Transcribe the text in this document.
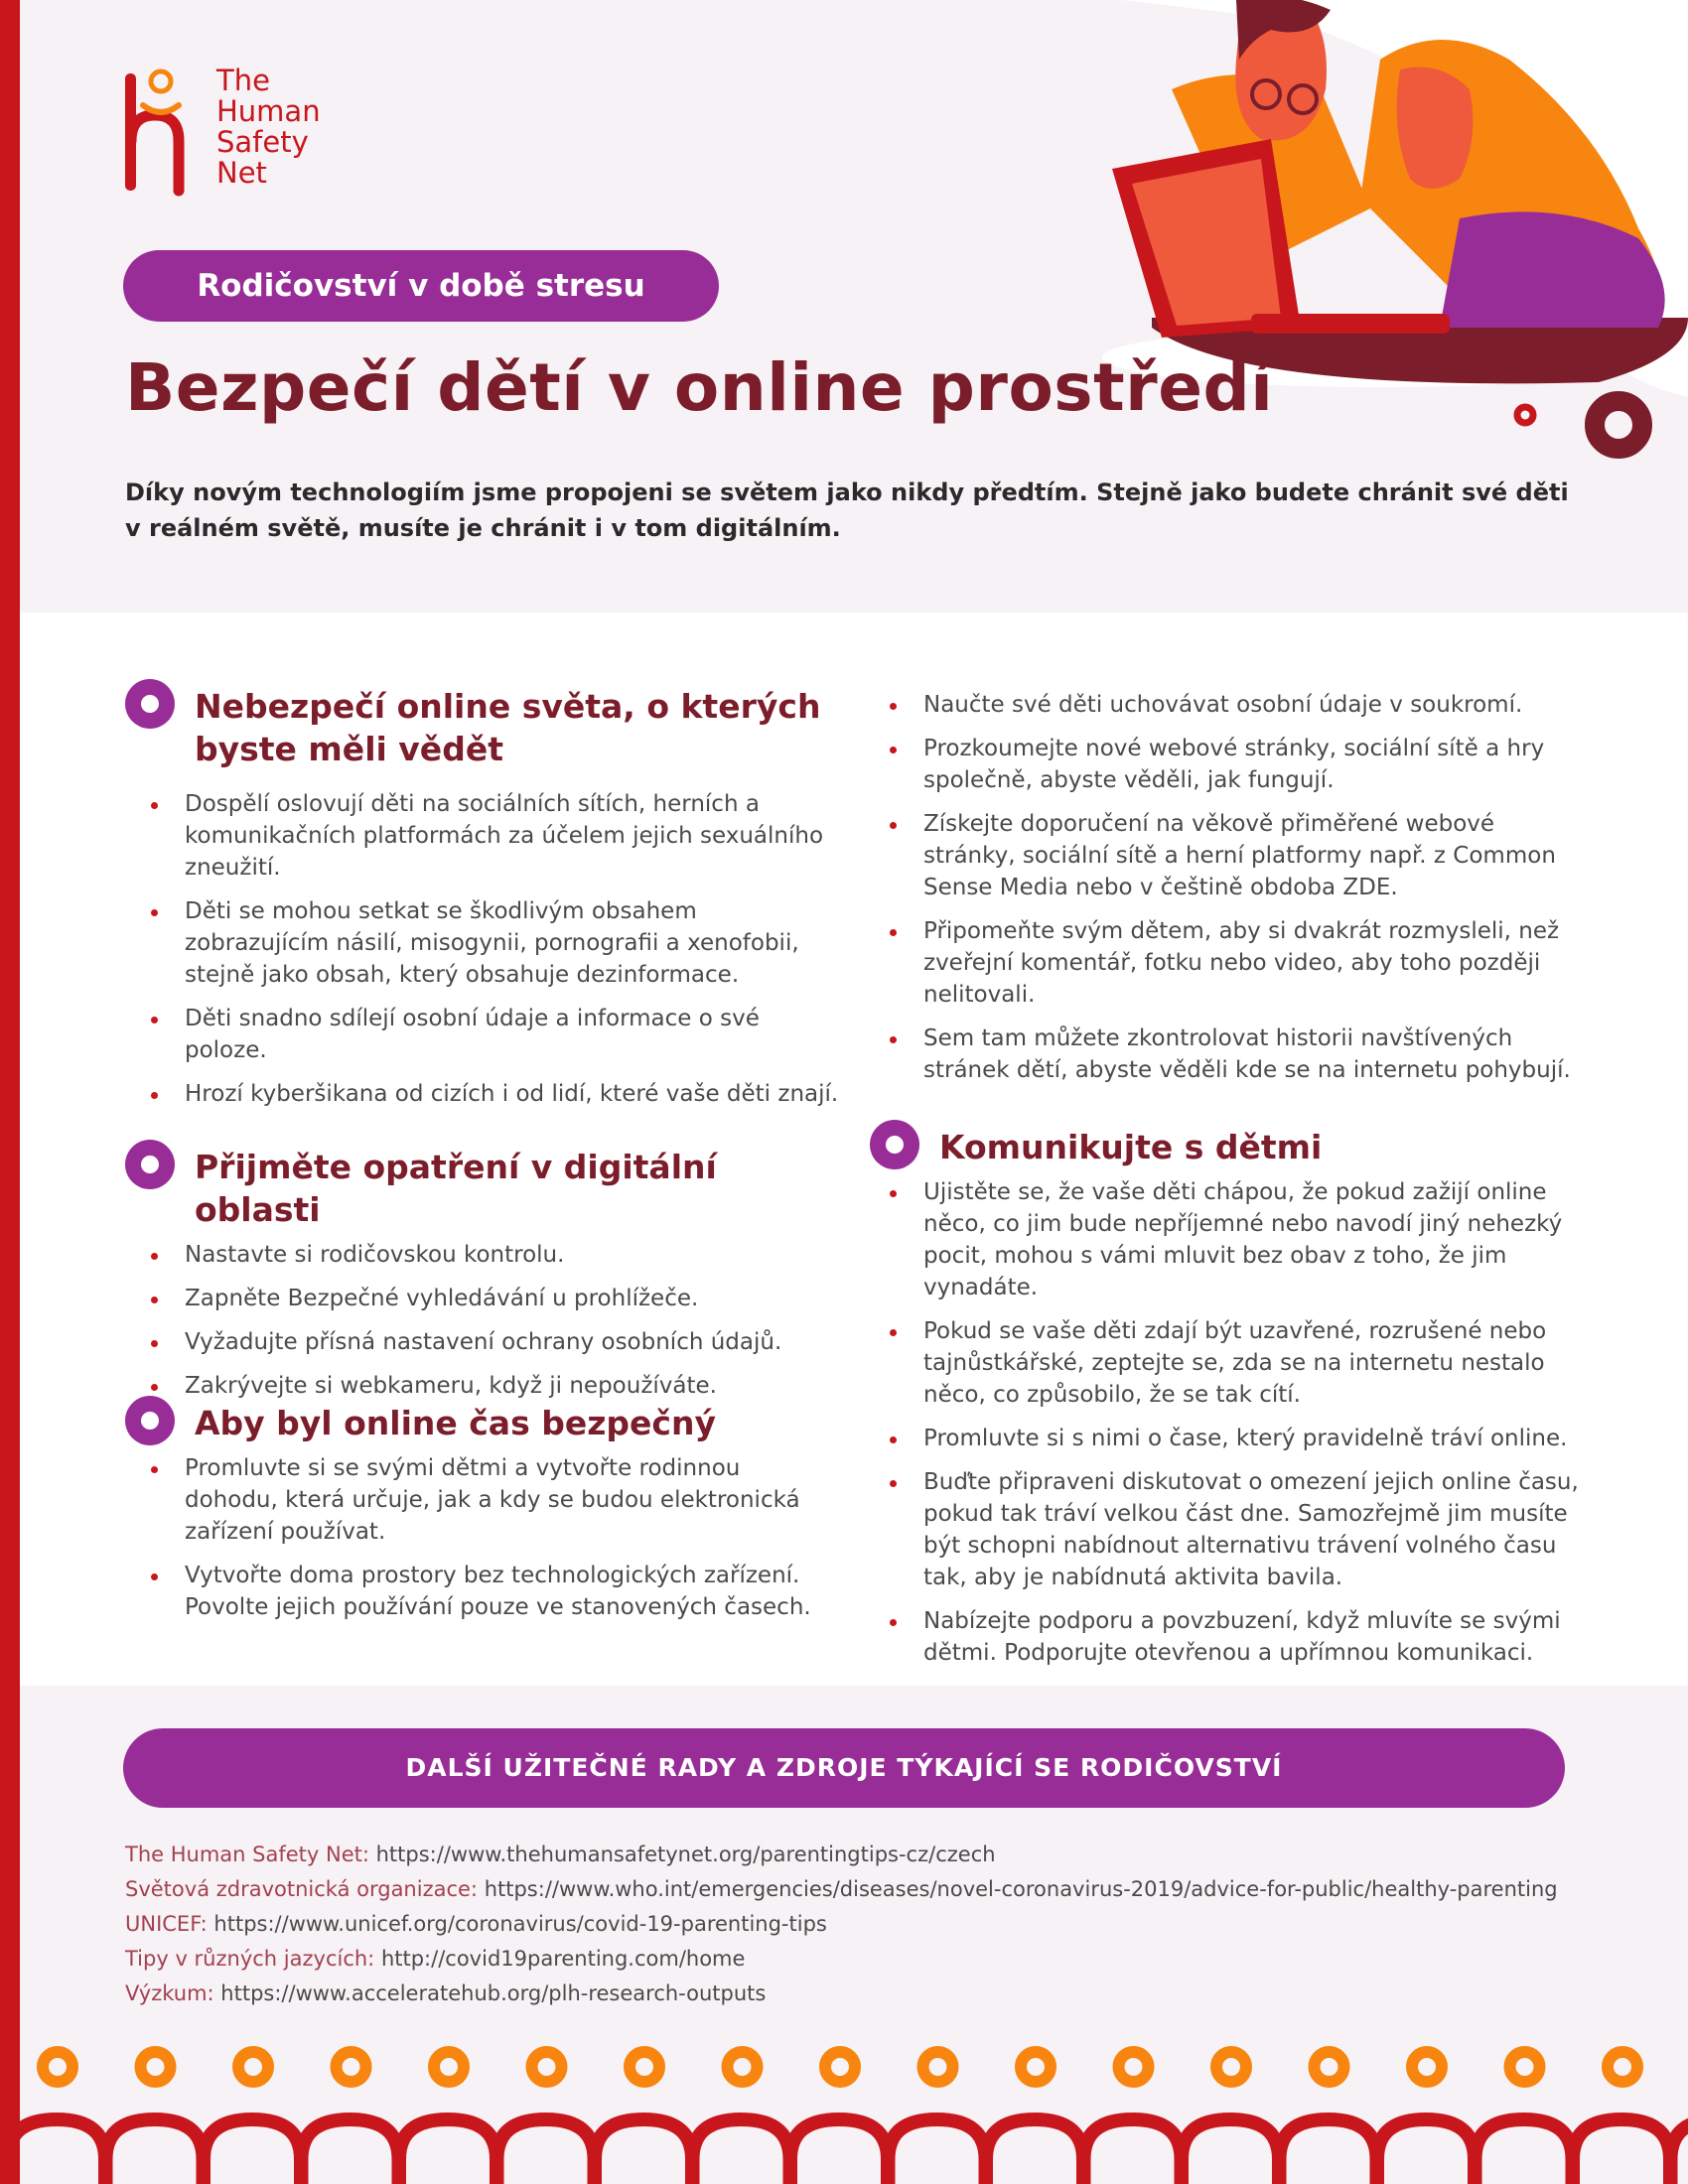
The
Human
Safety
Net
Rodičovství v době stresu
Bezpečí dětí v online prostředí

Díky novým technologiím jsme propojeni se světem jako nikdy předtím. Stejně jako budete chránit své děti v reálném světě, musíte je chránit i v tom digitálním.

Nebezpečí online světa, o kterých byste měli vědět
Dospělí oslovují děti na sociálních sítích, herních a komunikačních platformách za účelem jejich sexuálního zneužití.
Děti se mohou setkat se škodlivým obsahem zobrazujícím násilí, misogynii, pornografii a xenofobii, stejně jako obsah, který obsahuje dezinformace.
Děti snadno sdílejí osobní údaje a informace o své poloze.
Hrozí kyberšikana od cizích i od lidí, které vaše děti znají.
Přijměte opatření v digitální oblasti
Nastavte si rodičovskou kontrolu.
Zapněte Bezpečné vyhledávání u prohlížeče.
Vyžadujte přísná nastavení ochrany osobních údajů.
Zakrývejte si webkameru, když ji nepoužíváte.
Aby byl online čas bezpečný
Promluvte si se svými dětmi a vytvořte rodinnou dohodu, která určuje, jak a kdy se budou elektronická zařízení používat.
Vytvořte doma prostory bez technologických zařízení. Povolte jejich používání pouze ve stanovených časech.
Naučte své děti uchovávat osobní údaje v soukromí.
Prozkoumejte nové webové stránky, sociální sítě a hry společně, abyste věděli, jak fungují.
Získejte doporučení na věkově přiměřené webové stránky, sociální sítě a herní platformy např. z Common Sense Media nebo v češtině obdoba ZDE.
Připomeňte svým dětem, aby si dvakrát rozmysleli, než zveřejní komentář, fotku nebo video, aby toho později nelitovali.
Sem tam můžete zkontrolovat historii navštívených stránek dětí, abyste věděli kde se na internetu pohybují.
Komunikujte s dětmi
Ujistěte se, že vaše děti chápou, že pokud zažijí online něco, co jim bude nepříjemné nebo navodí jiný nehezký pocit, mohou s vámi mluvit bez obav z toho, že jim vynadáte.
Pokud se vaše děti zdají být uzavřené, rozrušené nebo tajnůstkářské, zeptejte se, zda se na internetu nestalo něco, co způsobilo, že se tak cítí.
Promluvte si s nimi o čase, který pravidelně tráví online.
Buďte připraveni diskutovat o omezení jejich online času, pokud tak tráví velkou část dne. Samozřejmě jim musíte být schopni nabídnout alternativu trávení volného času tak, aby je nabídnutá aktivita bavila.
Nabízejte podporu a povzbuzení, když mluvíte se svými dětmi. Podporujte otevřenou a upřímnou komunikaci.
DALŠÍ UŽITEČNÉ RADY A ZDROJE TÝKAJÍCÍ SE RODIČOVSTVÍ
The Human Safety Net: https://www.thehumansafetynet.org/parentingtips-cz/czech
Světová zdravotnická organizace: https://www.who.int/emergencies/diseases/novel-coronavirus-2019/advice-for-public/healthy-parenting
UNICEF: https://www.unicef.org/coronavirus/covid-19-parenting-tips
Tipy v různých jazycích: http://covid19parenting.com/home
Výzkum: https://www.acceleratehub.org/plh-research-outputs
